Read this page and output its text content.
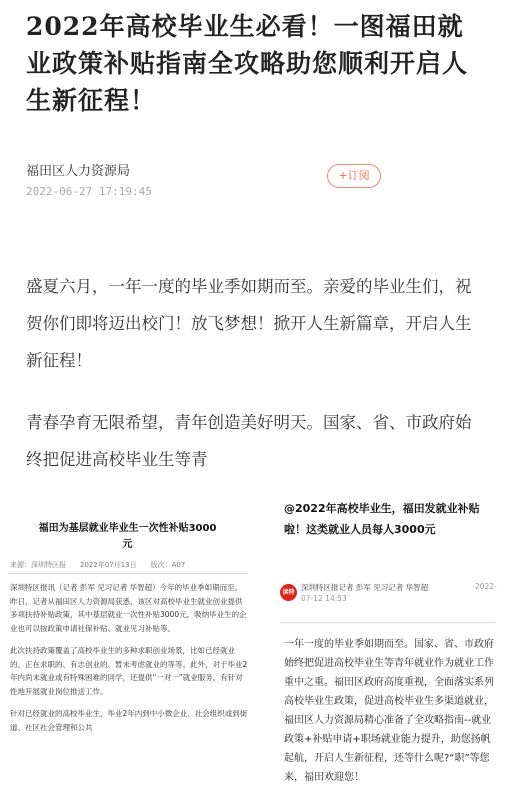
2022年高校毕业生必看！一图福田就业政策补贴指南全攻略助您顺利开启人生新征程！
福田区人力资源局
2022-06-27 17:19:45
+订阅

盛夏六月，一年一度的毕业季如期而至。亲爱的毕业生们，祝贺你们即将迈出校门！放飞梦想！掀开人生新篇章，开启人生新征程！

青春孕育无限希望，青年创造美好明天。国家、省、市政府始终把促进高校毕业生等青

福田为基层就业毕业生一次性补贴3000
元
来源：深圳特区报 2022年07月13日 版次：A07

深圳特区报讯（记者 彭军 见习记者 华智超）今年的毕业季如期而至。昨日，记者从福田区人力资源局获悉，该区对高校毕业生就业创业提供多项扶持补贴政策，其中基层就业一次性补贴3000元，吸纳毕业生的企业也可以按政策申请社保补贴、就业见习补贴等。

此次扶持政策覆盖了高校毕业生的多种求职创业场景，比如已经就业的、正在求职的、有志创业的、暂未考虑就业的等等。此外，对于毕业2年内尚未就业或有特殊困难的同学，还提供“一对一”就业服务，有针对性地开展就业岗位推送工作。

针对已经就业的高校毕业生，毕业2年内到中小微企业、社会组织或到街道、社区社会管理和公共

@2022年高校毕业生，福田发就业补贴啦！这类就业人员每人3000元
读特
深圳特区报记者 彭军 见习记者 华智超	2022-
07-12 14:53
一年一度的毕业季如期而至。国家、省、市政府始终把促进高校毕业生等青年就业作为就业工作重中之重。福田区政府高度重视，全面落实系列高校毕业生政策，促进高校毕业生多渠道就业，福田区人力资源局精心准备了全攻略指南--就业政策+补贴申请+职场就业能力提升，助您扬帆起航，开启人生新征程，还等什么呢?“职”等您来，福田欢迎您！
